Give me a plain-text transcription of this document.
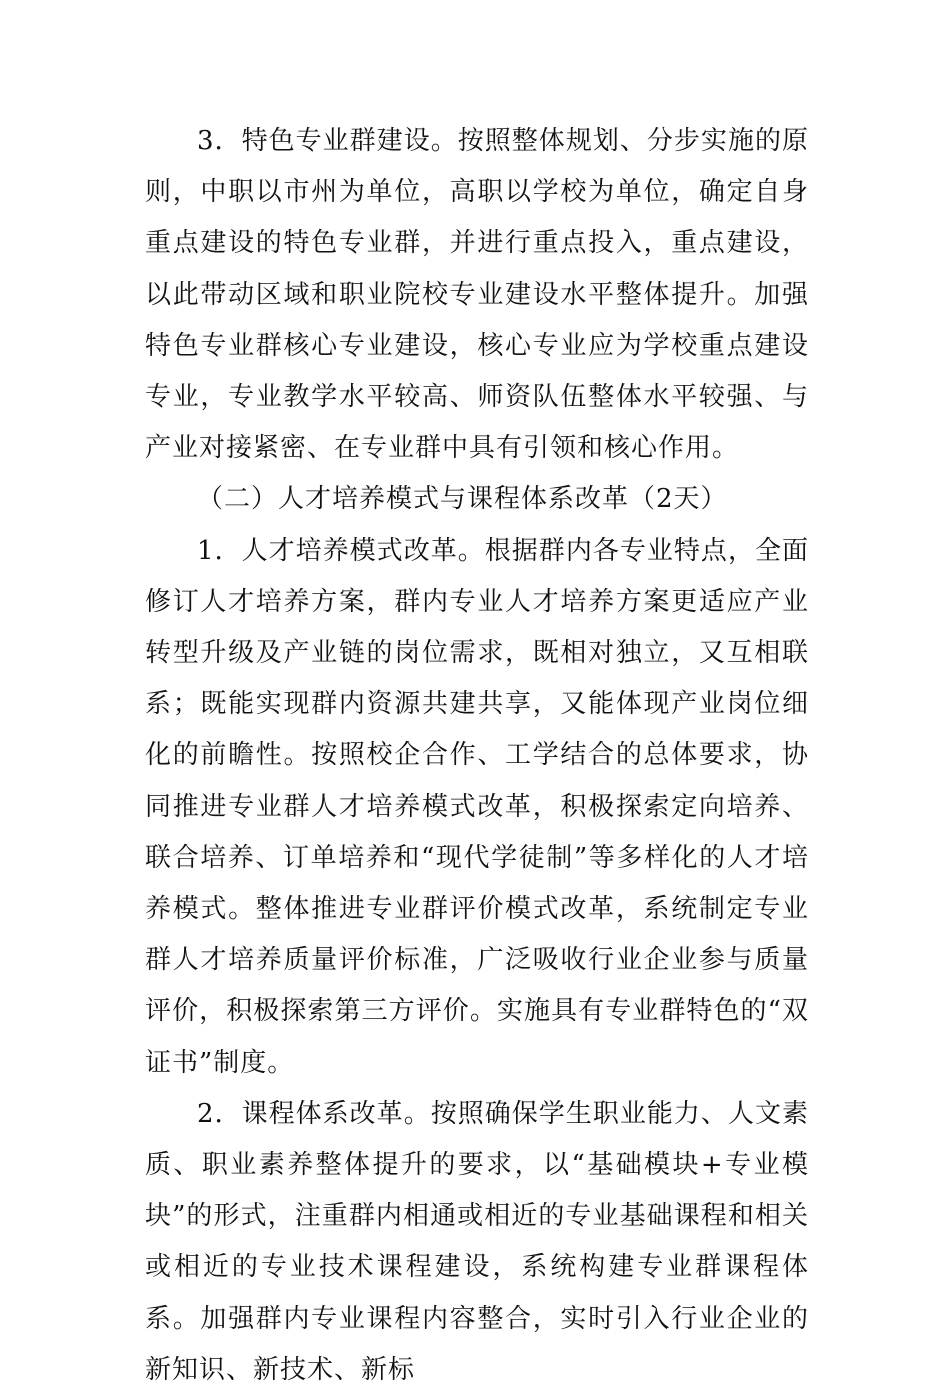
3．特色专业群建设。按照整体规划、分步实施的原则，中职以市州为单位，高职以学校为单位，确定自身重点建设的特色专业群，并进行重点投入，重点建设，以此带动区域和职业院校专业建设水平整体提升。加强特色专业群核心专业建设，核心专业应为学校重点建设专业，专业教学水平较高、师资队伍整体水平较强、与产业对接紧密、在专业群中具有引领和核心作用。

（二）人才培养模式与课程体系改革（2天）

1．人才培养模式改革。根据群内各专业特点，全面修订人才培养方案，群内专业人才培养方案更适应产业转型升级及产业链的岗位需求，既相对独立，又互相联系；既能实现群内资源共建共享，又能体现产业岗位细化的前瞻性。按照校企合作、工学结合的总体要求，协同推进专业群人才培养模式改革，积极探索定向培养、联合培养、订单培养和“现代学徒制”等多样化的人才培养模式。整体推进专业群评价模式改革，系统制定专业群人才培养质量评价标准，广泛吸收行业企业参与质量评价，积极探索第三方评价。实施具有专业群特色的“双证书”制度。

2．课程体系改革。按照确保学生职业能力、人文素质、职业素养整体提升的要求，以“基础模块+专业模块”的形式，注重群内相通或相近的专业基础课程和相关或相近的专业技术课程建设，系统构建专业群课程体系。加强群内专业课程内容整合，实时引入行业企业的新知识、新技术、新标
